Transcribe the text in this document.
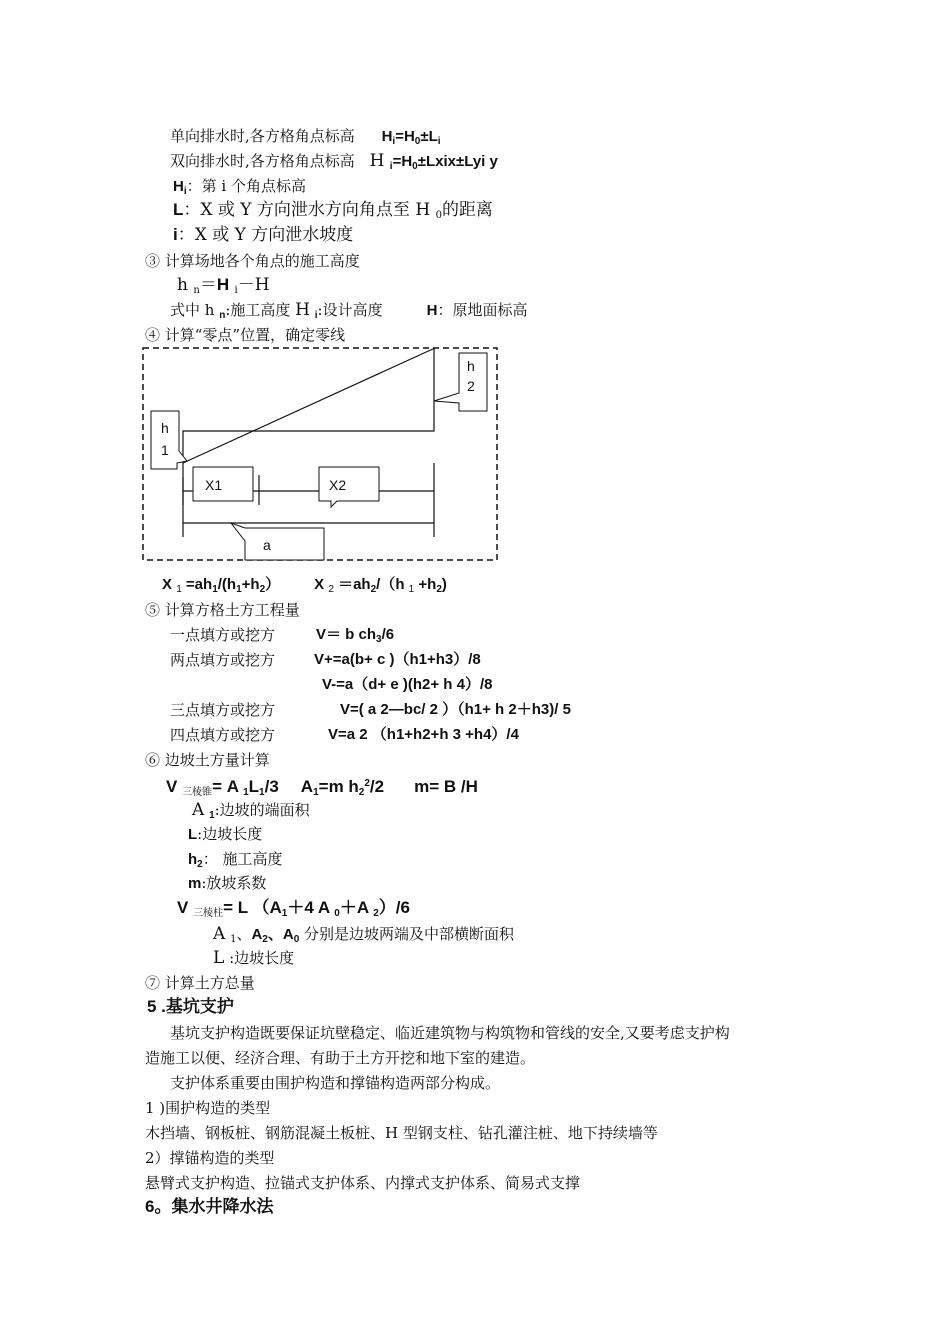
单向排水时,各方格角点标高 $H_i=H_0\pm L_i$
双向排水时,各方格角点标高 H $_i=H_0\pm Lxix\pm Lyi$ y
$H_i$：第 i 个角点标高
L：X 或 Y 方向泄水方向角点至 H $_0$的距离
i：X 或 Y 方向泄水坡度
③ 计算场地各个角点的施工高度
h $_n$＝H $_i$－H
式中 h $_n$:施工高度 H $_i$:设计高度	H：原地面标高
④ 计算“零点”位置，确定零线
h
2
h
1
X1	X2
a
X $_1 =ah_1/(h_1+h_2)$ X $_2 =ah_2/(h$ $_1 +h_2$)
⑤ 计算方格土方工程量
一点填方或挖方	V＝ b $ch_3/6$
两点填方或挖方	V+=a(b+ c )（h1+h3）/8
V-=a（d+ e )(h2+ h 4）/8
三点填方或挖方	V=( a 2—bc/ 2 ）（h1+ h 2＋h3)/ 5
四点填方或挖方	V=a 2 （h1+h2+h 3 +h4）/4
⑥ 边坡土方量计算
V $_{三棱锥}$= A $_1L_1/3$ $A_1=m$ $h_2^2/2$ m= B /H
A $_1$:边坡的端面积
L:边坡长度
$h_2$： 施工高度
m:放坡系数
V $_{三棱柱}$= L （$A_1+4$ A $_0$＋A $_2$）/6
A $_1$、$A_2$、$A_0$ 分别是边坡两端及中部横断面积
L :边坡长度
⑦ 计算土方总量
5 .基坑支护
基坑支护构造既要保证坑壁稳定、临近建筑物与构筑物和管线的安全,又要考虑支护构
造施工以便、经济合理、有助于土方开挖和地下室的建造。
支护体系重要由围护构造和撑锚构造两部分构成。
1 )围护构造的类型
木挡墙、钢板桩、钢筋混凝土板桩、H 型钢支柱、钻孔灌注桩、地下持续墙等
2）撑锚构造的类型
悬臂式支护构造、拉锚式支护体系、内撑式支护体系、简易式支撑
6。集水井降水法
